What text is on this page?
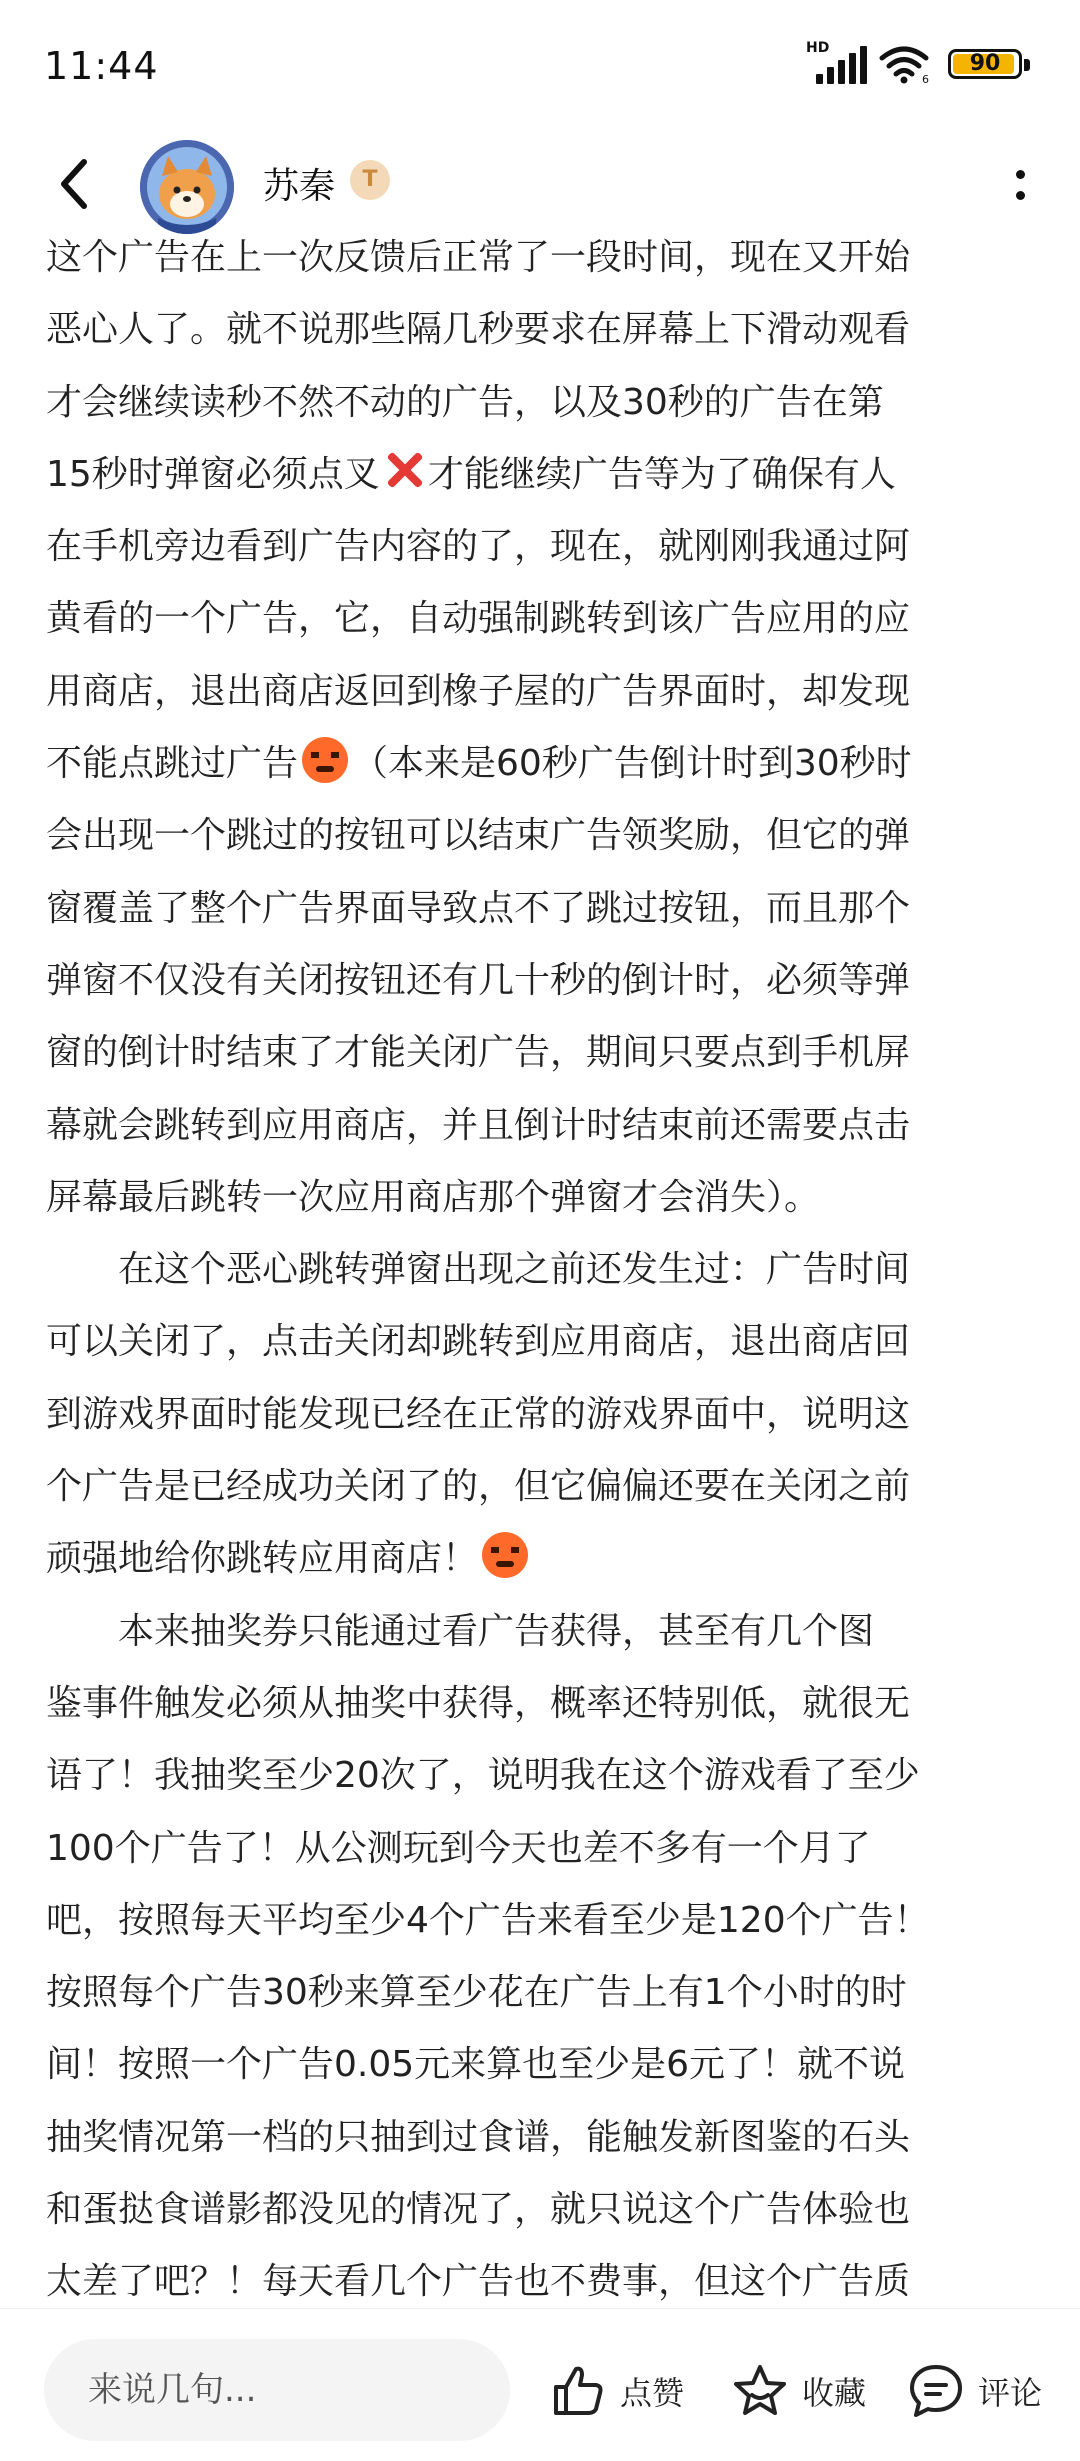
11:44	HD
6
90
苏秦	T

这个广告在上一次反馈后正常了一段时间，现在又开始

恶心人了。就不说那些隔几秒要求在屏幕上下滑动观看

才会继续读秒不然不动的广告，以及30秒的广告在第

15秒时弹窗必须点叉 才能继续广告等为了确保有人

在手机旁边看到广告内容的了，现在，就刚刚我通过阿

黄看的一个广告，它，自动强制跳转到该广告应用的应

用商店，退出商店返回到橡子屋的广告界面时，却发现

不能点跳过广告 （本来是60秒广告倒计时到30秒时

会出现一个跳过的按钮可以结束广告领奖励，但它的弹

窗覆盖了整个广告界面导致点不了跳过按钮，而且那个

弹窗不仅没有关闭按钮还有几十秒的倒计时，必须等弹

窗的倒计时结束了才能关闭广告，期间只要点到手机屏

幕就会跳转到应用商店，并且倒计时结束前还需要点击

屏幕最后跳转一次应用商店那个弹窗才会消失）。

　　在这个恶心跳转弹窗出现之前还发生过：广告时间

可以关闭了，点击关闭却跳转到应用商店，退出商店回

到游戏界面时能发现已经在正常的游戏界面中，说明这

个广告是已经成功关闭了的，但它偏偏还要在关闭之前

顽强地给你跳转应用商店！

　　本来抽奖券只能通过看广告获得，甚至有几个图

鉴事件触发必须从抽奖中获得，概率还特别低，就很无

语了！我抽奖至少20次了，说明我在这个游戏看了至少

100个广告了！从公测玩到今天也差不多有一个月了

吧，按照每天平均至少4个广告来看至少是120个广告！

按照每个广告30秒来算至少花在广告上有1个小时的时

间！按照一个广告0.05元来算也至少是6元了！就不说

抽奖情况第一档的只抽到过食谱，能触发新图鉴的石头

和蛋挞食谱影都没见的情况了，就只说这个广告体验也

太差了吧？！每天看几个广告也不费事，但这个广告质

来说几句...
点赞	收藏	评论
